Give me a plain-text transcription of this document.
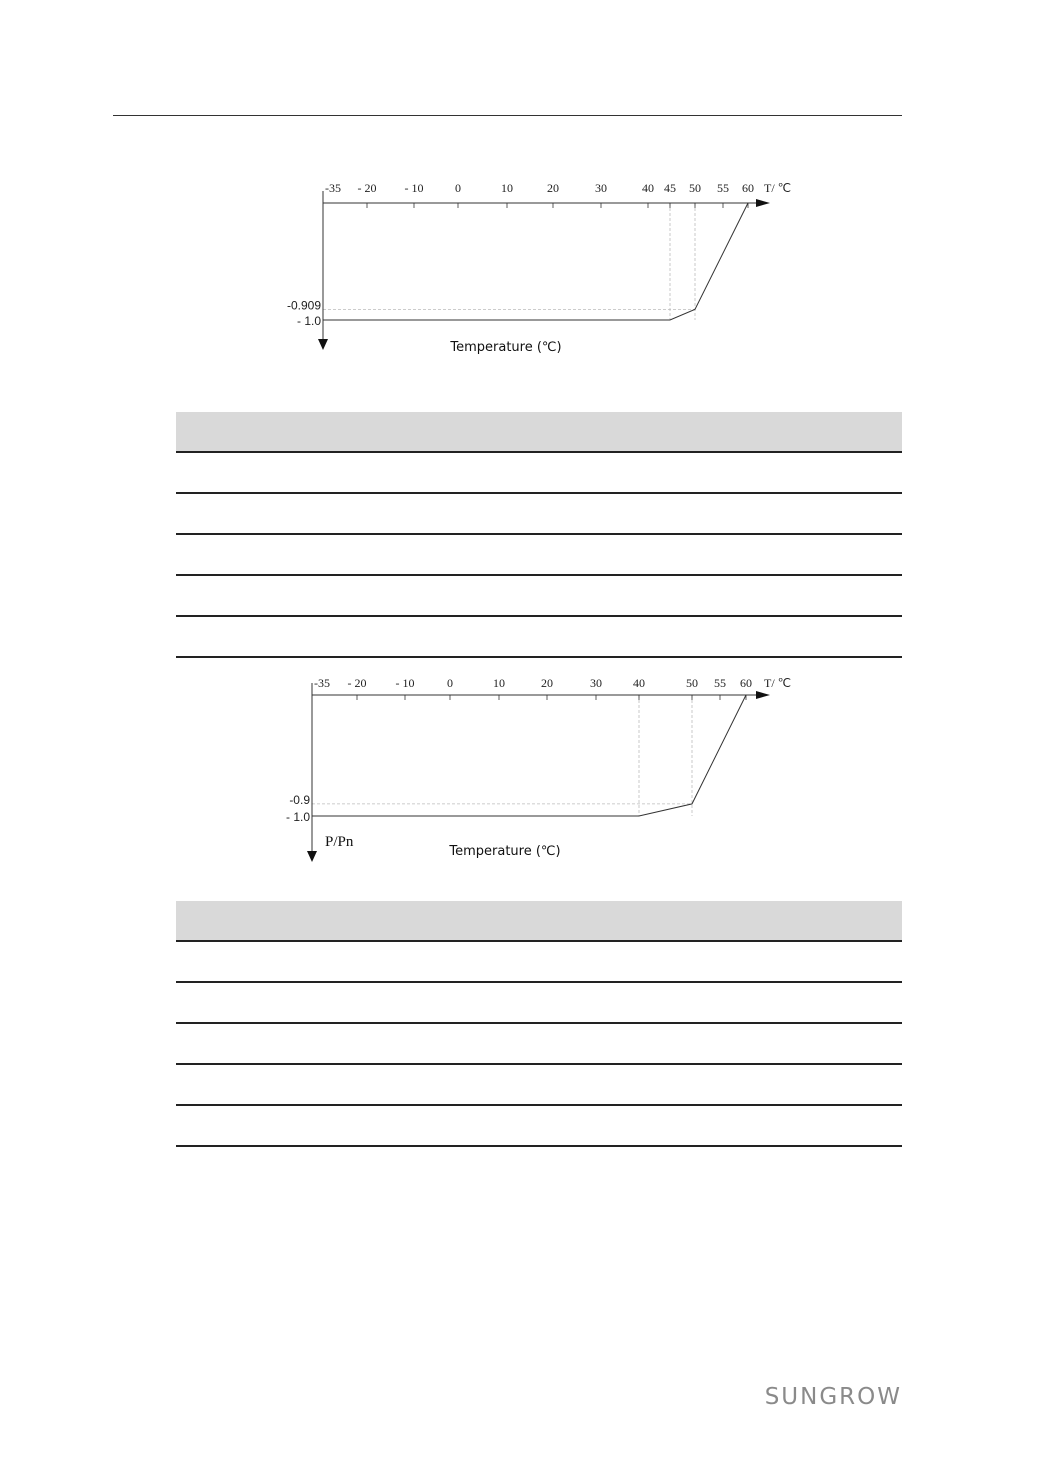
-35 - 20 - 10	0	10	20	30	40 45 50 55 60 T/ ℃
-0.909
- 1.0
Temperature (℃)
-35 - 20 - 10	0	10	20	30	40	50 55 60 T/ ℃
-0.9
- 1.0
P/Pn
Temperature (℃)
SUNGROW
